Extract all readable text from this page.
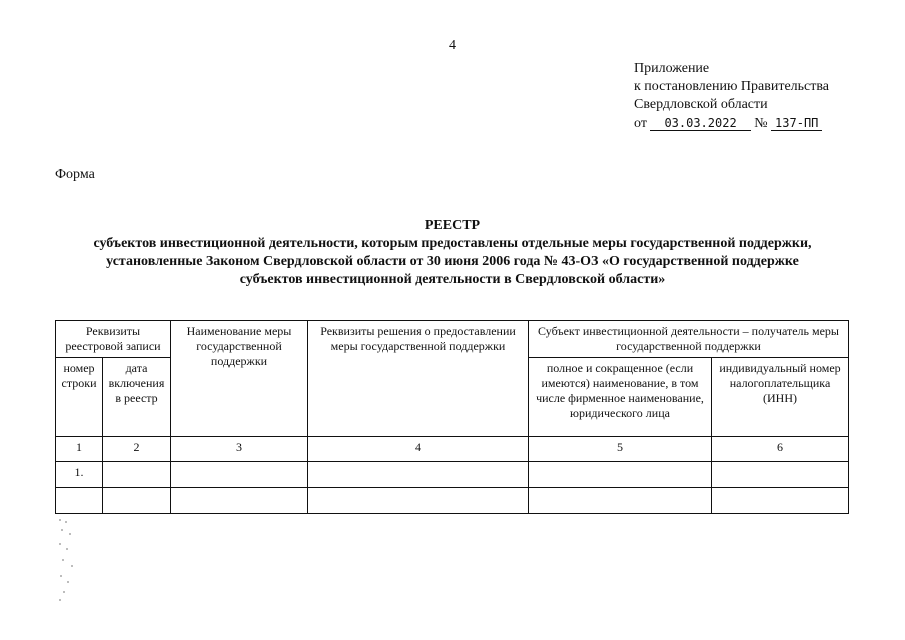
4
Приложение
к постановлению Правительства
Свердловской области
от 03.03.2022 № 137-ПП
Форма
РЕЕСТР
субъектов инвестиционной деятельности, которым предоставлены отдельные меры государственной поддержки,
установленные Законом Свердловской области от 30 июня 2006 года № 43-ОЗ «О государственной поддержке
субъектов инвестиционной деятельности в Свердловской области»
Реквизиты реестровой записи		Наименование меры государственной поддержки	Реквизиты решения о предоставлении меры государственной поддержки	Субъект инвестиционной деятельности – получатель меры государственной поддержки	
номер строки	дата включения в реестр			полное и сокращенное (если имеются) наименование, в том числе фирменное наименование, юридического лица	индивидуальный номер налогоплательщика (ИНН)
1	2	3	4	5	6
1.					
